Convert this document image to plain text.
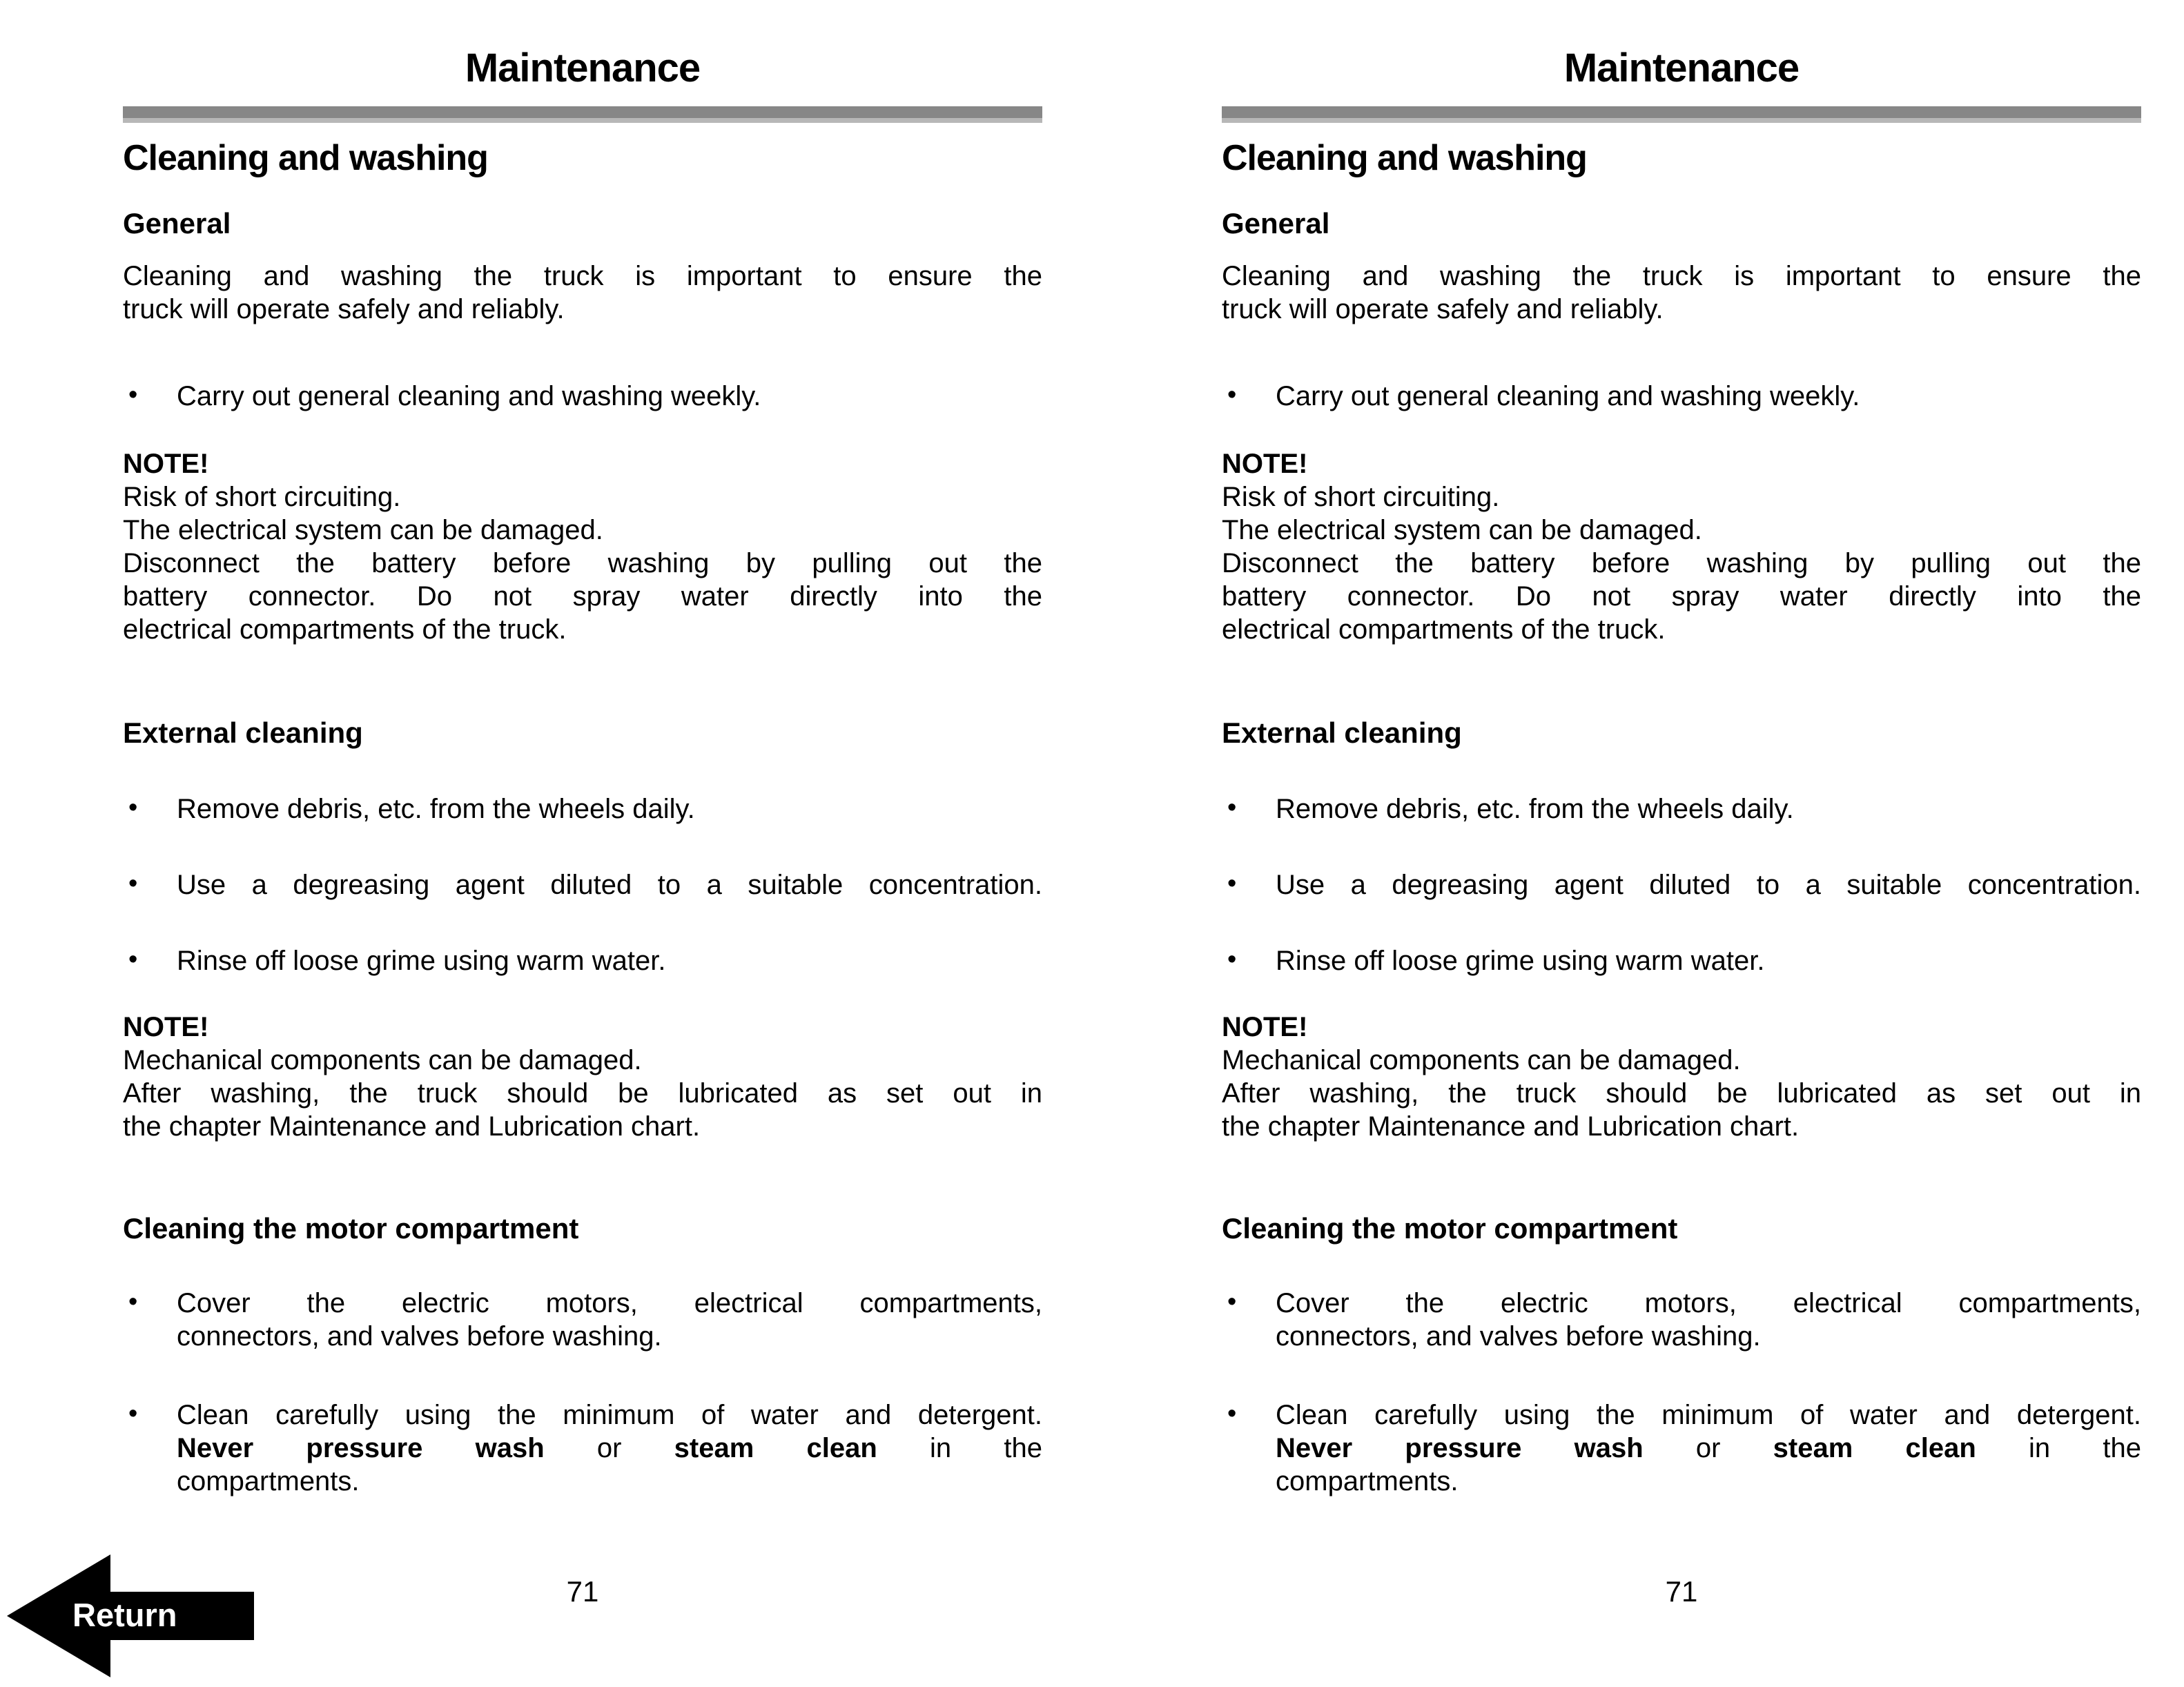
Maintenance
Cleaning and washing
General
Cleaning and washing the truck is important to ensure the
truck will operate safely and reliably.
• Carry out general cleaning and washing weekly.
NOTE!
Risk of short circuiting.
The electrical system can be damaged.
Disconnect the battery before washing by pulling out the
battery connector. Do not spray water directly into the
electrical compartments of the truck.
External cleaning
• Remove debris, etc. from the wheels daily.
• Use a degreasing agent diluted to a suitable concentration.
• Rinse off loose grime using warm water.
NOTE!
Mechanical components can be damaged.
After washing, the truck should be lubricated as set out in
the chapter Maintenance and Lubrication chart.
Cleaning the motor compartment
• Cover the electric motors, electrical compartments,
connectors, and valves before washing.
• Clean carefully using the minimum of water and detergent.
Never pressure wash or steam clean in the
compartments.
71
Maintenance
Cleaning and washing
General
Cleaning and washing the truck is important to ensure the
truck will operate safely and reliably.
• Carry out general cleaning and washing weekly.
NOTE!
Risk of short circuiting.
The electrical system can be damaged.
Disconnect the battery before washing by pulling out the
battery connector. Do not spray water directly into the
electrical compartments of the truck.
External cleaning
• Remove debris, etc. from the wheels daily.
• Use a degreasing agent diluted to a suitable concentration.
• Rinse off loose grime using warm water.
NOTE!
Mechanical components can be damaged.
After washing, the truck should be lubricated as set out in
the chapter Maintenance and Lubrication chart.
Cleaning the motor compartment
• Cover the electric motors, electrical compartments,
connectors, and valves before washing.
• Clean carefully using the minimum of water and detergent.
Never pressure wash or steam clean in the
compartments.
71
Return
